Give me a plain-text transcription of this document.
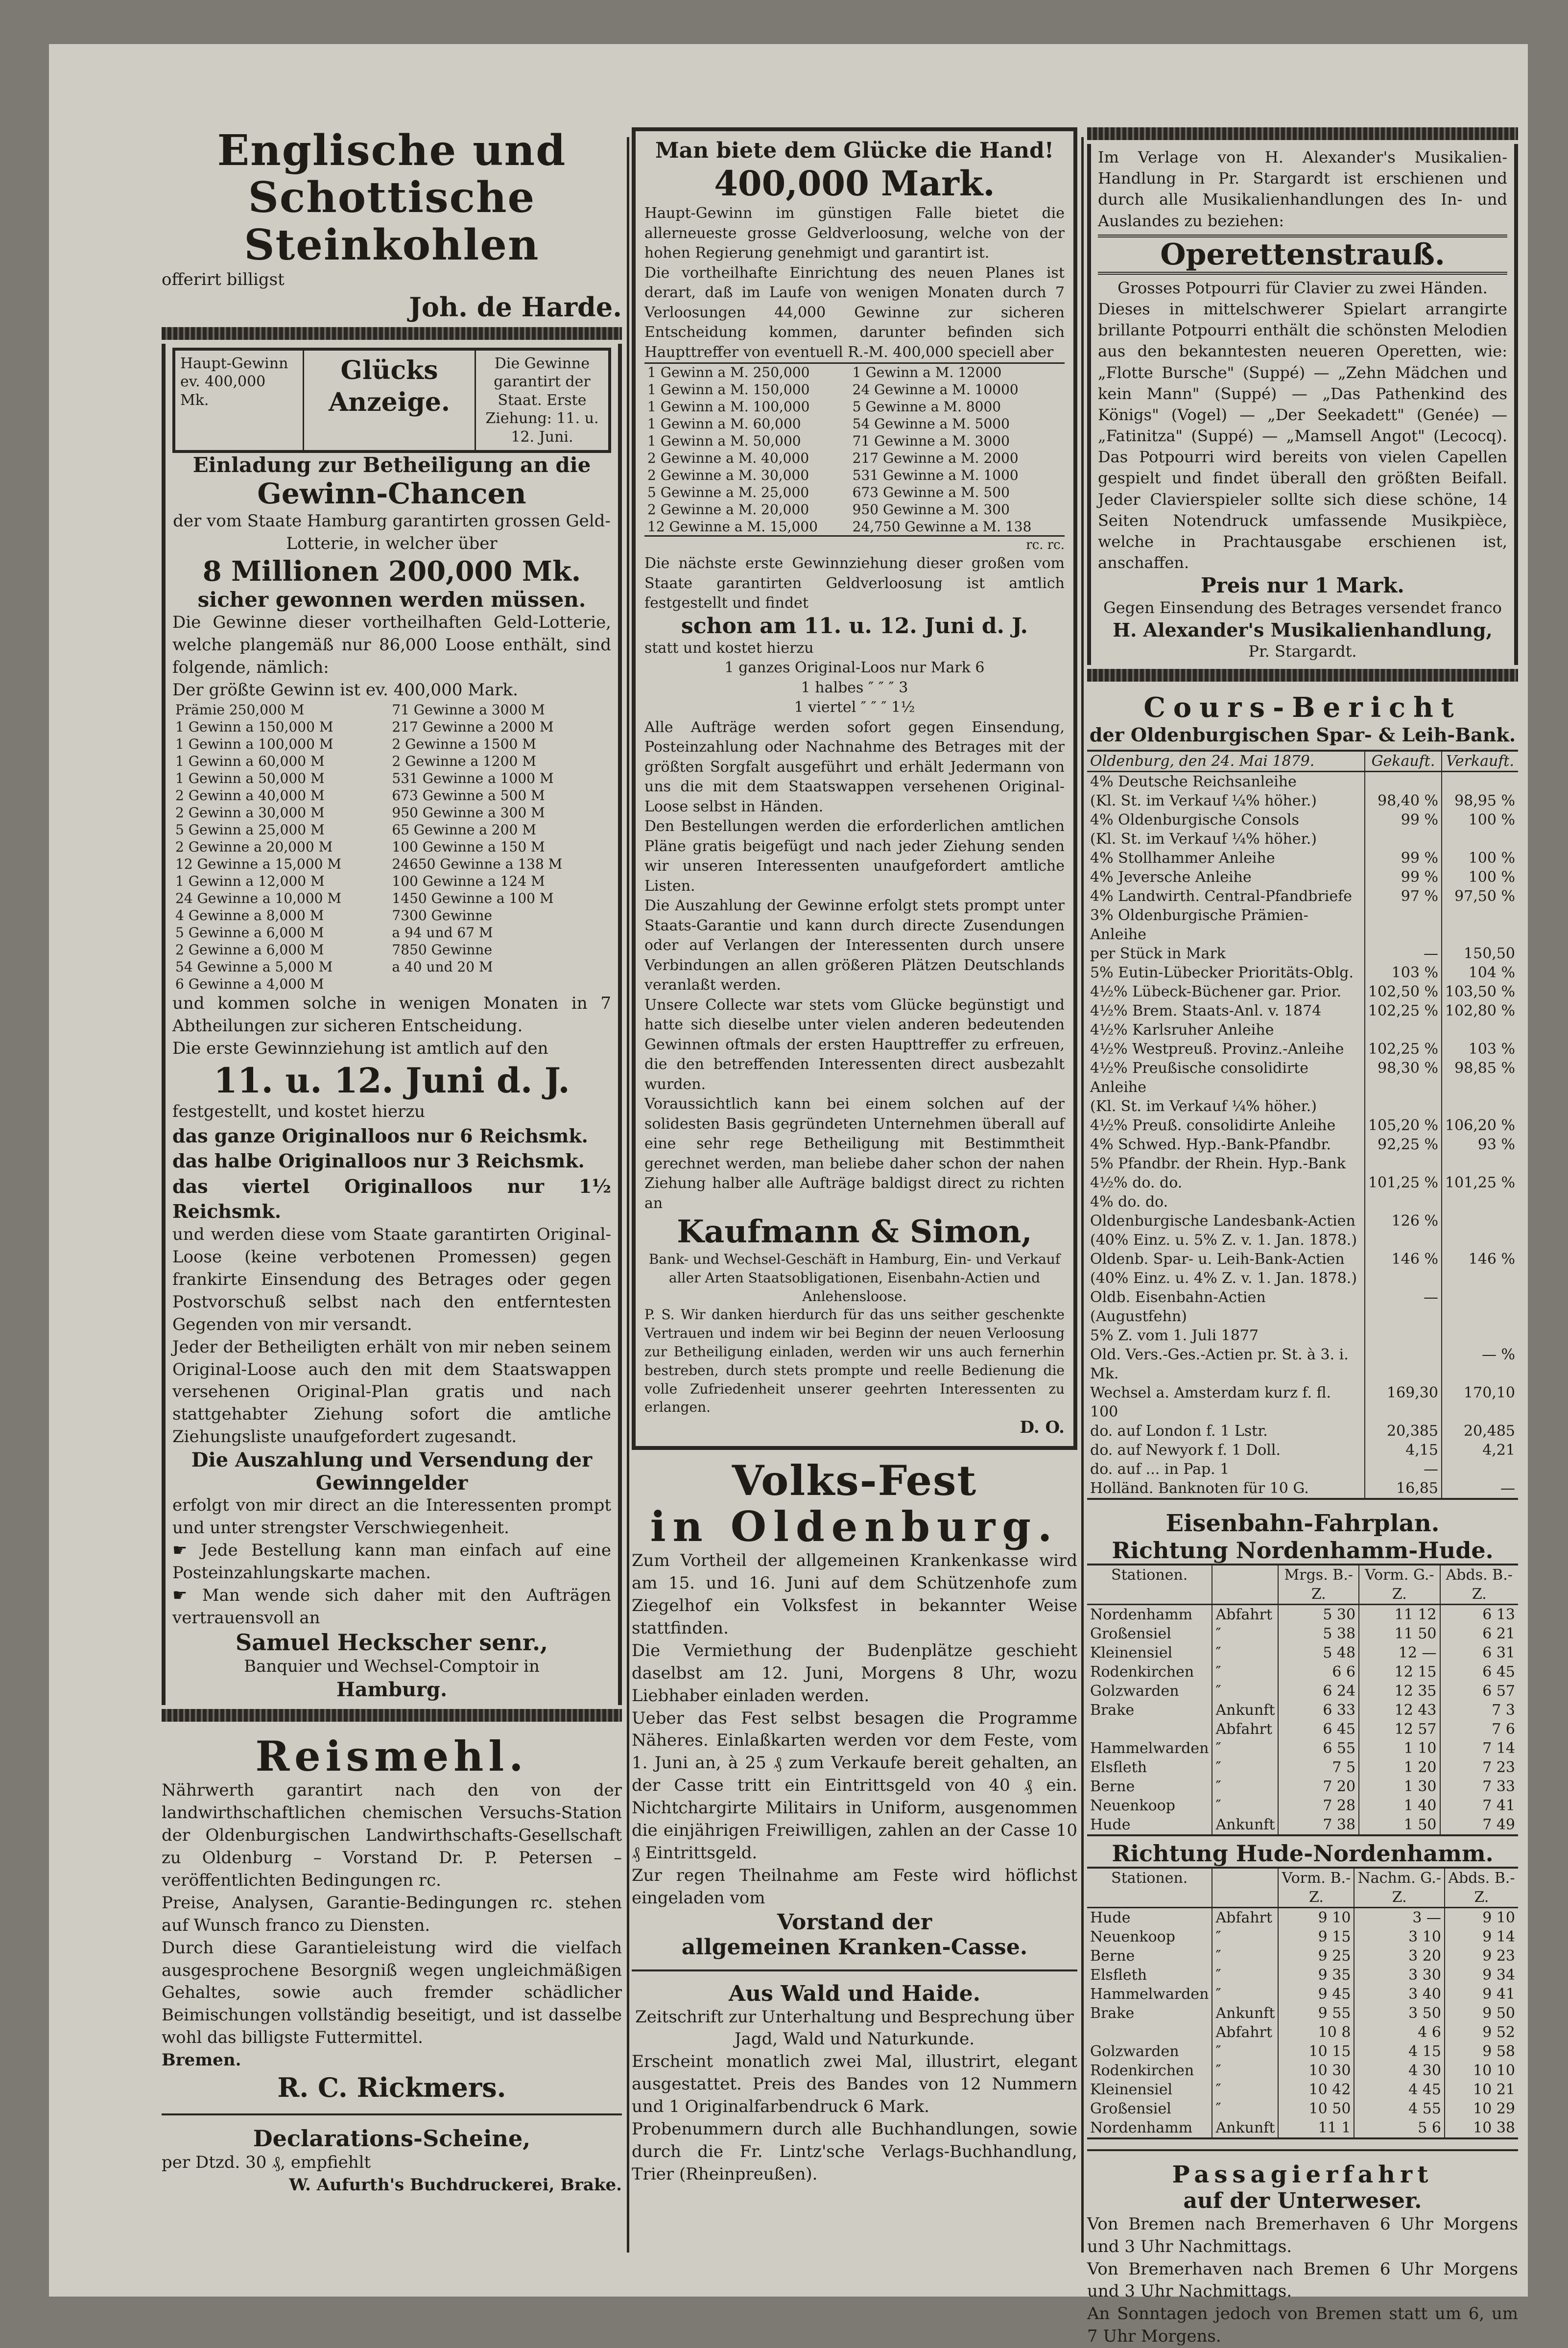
Englische und Schottische Steinkohlen
offerirt billigst
Joh. de Harde.
Haupt-Gewinn ev. 400,000 Mk.
Glücks Anzeige.
Die Gewinne garantirt der Staat. Erste Ziehung: 11. u. 12. Juni.
Einladung zur Betheiligung an die
Gewinn-Chancen
der vom Staate Hamburg garantirten grossen Geld-Lotterie, in welcher über
8 Millionen 200,000 Mk.
sicher gewonnen werden müssen.
Die Gewinne dieser vortheilhaften Geld-Lotterie, welche plangemäß nur 86,000 Loose enthält, sind folgende, nämlich:
Der größte Gewinn ist ev. 400,000 Mark.
Prämie 250,000 M	71 Gewinne a 3000 M
1 Gewinn a 150,000 M	217 Gewinne a 2000 M
1 Gewinn a 100,000 M	2 Gewinne a 1500 M
1 Gewinn a 60,000 M	2 Gewinne a 1200 M
1 Gewinn a 50,000 M	531 Gewinne a 1000 M
2 Gewinn a 40,000 M	673 Gewinne a 500 M
2 Gewinn a 30,000 M	950 Gewinne a 300 M
5 Gewinn a 25,000 M	65 Gewinne a 200 M
2 Gewinne a 20,000 M	100 Gewinne a 150 M
12 Gewinne a 15,000 M	24650 Gewinne a 138 M
1 Gewinn a 12,000 M	100 Gewinne a 124 M
24 Gewinne a 10,000 M	1450 Gewinne a 100 M
4 Gewinne a 8,000 M	7300 Gewinne
5 Gewinne a 6,000 M	a 94 und 67 M
2 Gewinne a 6,000 M	7850 Gewinne
54 Gewinne a 5,000 M	a 40 und 20 M
6 Gewinne a 4,000 M	
und kommen solche in wenigen Monaten in 7 Abtheilungen zur sicheren Entscheidung.
Die erste Gewinnziehung ist amtlich auf den
11. u. 12. Juni d. J.
festgestellt, und kostet hierzu
das ganze Originalloos nur 6 Reichsmk.
das halbe Originalloos nur 3 Reichsmk.
das viertel Originalloos nur 1½ Reichsmk.
und werden diese vom Staate garantirten Original-Loose (keine verbotenen Promessen) gegen frankirte Einsendung des Betrages oder gegen Postvorschuß selbst nach den entferntesten Gegenden von mir versandt.
Jeder der Betheiligten erhält von mir neben seinem Original-Loose auch den mit dem Staatswappen versehenen Original-Plan gratis und nach stattgehabter Ziehung sofort die amtliche Ziehungsliste unaufgefordert zugesandt.
Die Auszahlung und Versendung der Gewinngelder
erfolgt von mir direct an die Interessenten prompt und unter strengster Verschwiegenheit.
☛ Jede Bestellung kann man einfach auf eine Posteinzahlungskarte machen.
☛ Man wende sich daher mit den Aufträgen vertrauensvoll an
Samuel Heckscher senr.,
Banquier und Wechsel-Comptoir in
Hamburg.
Reismehl.
Nährwerth garantirt nach den von der landwirthschaftlichen chemischen Versuchs-Station der Oldenburgischen Landwirthschafts-Gesellschaft zu Oldenburg – Vorstand Dr. P. Petersen – veröffentlichten Bedingungen rc.
Preise, Analysen, Garantie-Bedingungen rc. stehen auf Wunsch franco zu Diensten.
Durch diese Garantieleistung wird die vielfach ausgesprochene Besorgniß wegen ungleichmäßigen Gehaltes, sowie auch fremder schädlicher Beimischungen vollständig beseitigt, und ist dasselbe wohl das billigste Futtermittel.
Bremen.
R. C. Rickmers.
Declarations-Scheine,
per Dtzd. 30 ₰, empfiehlt
W. Aufurth's Buchdruckerei, Brake.
Man biete dem Glücke die Hand!
400,000 Mark.
Haupt-Gewinn im günstigen Falle bietet die allerneueste grosse Geldverloosung, welche von der hohen Regierung genehmigt und garantirt ist.
Die vortheilhafte Einrichtung des neuen Planes ist derart, daß im Laufe von wenigen Monaten durch 7 Verloosungen 44,000 Gewinne zur sicheren Entscheidung kommen, darunter befinden sich Haupttreffer von eventuell R.-M. 400,000 speciell aber
1 Gewinn a M. 250,000	1 Gewinn a M. 12000
1 Gewinn a M. 150,000	24 Gewinne a M. 10000
1 Gewinn a M. 100,000	5 Gewinne a M. 8000
1 Gewinn a M. 60,000	54 Gewinne a M. 5000
1 Gewinn a M. 50,000	71 Gewinne a M. 3000
2 Gewinne a M. 40,000	217 Gewinne a M. 2000
2 Gewinne a M. 30,000	531 Gewinne a M. 1000
5 Gewinne a M. 25,000	673 Gewinne a M. 500
2 Gewinne a M. 20,000	950 Gewinne a M. 300
12 Gewinne a M. 15,000	24,750 Gewinne a M. 138
rc. rc.
Die nächste erste Gewinnziehung dieser großen vom Staate garantirten Geldverloosung ist amtlich festgestellt und findet
schon am 11. u. 12. Juni d. J.
statt und kostet hierzu
1 ganzes Original-Loos nur Mark 6
1 halbes ″ ″ ″ 3
1 viertel ″ ″ ″ 1½
Alle Aufträge werden sofort gegen Einsendung, Posteinzahlung oder Nachnahme des Betrages mit der größten Sorgfalt ausgeführt und erhält Jedermann von uns die mit dem Staatswappen versehenen Original-Loose selbst in Händen.
Den Bestellungen werden die erforderlichen amtlichen Pläne gratis beigefügt und nach jeder Ziehung senden wir unseren Interessenten unaufgefordert amtliche Listen.
Die Auszahlung der Gewinne erfolgt stets prompt unter Staats-Garantie und kann durch directe Zusendungen oder auf Verlangen der Interessenten durch unsere Verbindungen an allen größeren Plätzen Deutschlands veranlaßt werden.
Unsere Collecte war stets vom Glücke begünstigt und hatte sich dieselbe unter vielen anderen bedeutenden Gewinnen oftmals der ersten Haupttreffer zu erfreuen, die den betreffenden Interessenten direct ausbezahlt wurden.
Voraussichtlich kann bei einem solchen auf der solidesten Basis gegründeten Unternehmen überall auf eine sehr rege Betheiligung mit Bestimmtheit gerechnet werden, man beliebe daher schon der nahen Ziehung halber alle Aufträge baldigst direct zu richten an
Kaufmann & Simon,
Bank- und Wechsel-Geschäft in Hamburg, Ein- und Verkauf aller Arten Staatsobligationen, Eisenbahn-Actien und Anlehensloose.
P. S. Wir danken hierdurch für das uns seither geschenkte Vertrauen und indem wir bei Beginn der neuen Verloosung zur Betheiligung einladen, werden wir uns auch fernerhin bestreben, durch stets prompte und reelle Bedienung die volle Zufriedenheit unserer geehrten Interessenten zu erlangen.
D. O.
Volks-Fest
in Oldenburg.
Zum Vortheil der allgemeinen Krankenkasse wird am 15. und 16. Juni auf dem Schützenhofe zum Ziegelhof ein Volksfest in bekannter Weise stattfinden.
Die Vermiethung der Budenplätze geschieht daselbst am 12. Juni, Morgens 8 Uhr, wozu Liebhaber einladen werden.
Ueber das Fest selbst besagen die Programme Näheres. Einlaßkarten werden vor dem Feste, vom 1. Juni an, à 25 ₰ zum Verkaufe bereit gehalten, an der Casse tritt ein Eintrittsgeld von 40 ₰ ein. Nichtchargirte Militairs in Uniform, ausgenommen die einjährigen Freiwilligen, zahlen an der Casse 10 ₰ Eintrittsgeld.
Zur regen Theilnahme am Feste wird höflichst eingeladen vom
Vorstand der
allgemeinen Kranken-Casse.
Aus Wald und Haide.
Zeitschrift zur Unterhaltung und Besprechung über Jagd, Wald und Naturkunde.
Erscheint monatlich zwei Mal, illustrirt, elegant ausgestattet. Preis des Bandes von 12 Nummern und 1 Originalfarbendruck 6 Mark.
Probenummern durch alle Buchhandlungen, sowie durch die Fr. Lintz'sche Verlags-Buchhandlung, Trier (Rheinpreußen).
Im Verlage von H. Alexander's Musikalien-Handlung in Pr. Stargardt ist erschienen und durch alle Musikalienhandlungen des In- und Auslandes zu beziehen:
Operettenstrauß.
Grosses Potpourri für Clavier zu zwei Händen.
Dieses in mittelschwerer Spielart arrangirte brillante Potpourri enthält die schönsten Melodien aus den bekanntesten neueren Operetten, wie: „Flotte Bursche" (Suppé) — „Zehn Mädchen und kein Mann" (Suppé) — „Das Pathenkind des Königs" (Vogel) — „Der Seekadett" (Genée) — „Fatinitza" (Suppé) — „Mamsell Angot" (Lecocq). Das Potpourri wird bereits von vielen Capellen gespielt und findet überall den größten Beifall. Jeder Clavierspieler sollte sich diese schöne, 14 Seiten Notendruck umfassende Musikpièce, welche in Prachtausgabe erschienen ist, anschaffen.
Preis nur 1 Mark.
Gegen Einsendung des Betrages versendet franco
H. Alexander's Musikalienhandlung,
Pr. Stargardt.
Cours-Bericht
der Oldenburgischen Spar- & Leih-Bank.
Oldenburg, den 24. Mai 1879.	Gekauft.	Verkauft.
4% Deutsche Reichsanleihe		
(Kl. St. im Verkauf ¼% höher.)	98,40 %	98,95 %
4% Oldenburgische Consols	99 %	100 %
(Kl. St. im Verkauf ¼% höher.)		
4% Stollhammer Anleihe	99 %	100 %
4% Jeversche Anleihe	99 %	100 %
4% Landwirth. Central-Pfandbriefe	97 %	97,50 %
3% Oldenburgische Prämien-Anleihe		
per Stück in Mark	—	150,50
5% Eutin-Lübecker Prioritäts-Oblg.	103 %	104 %
4½% Lübeck-Büchener gar. Prior.	102,50 %	103,50 %
4½% Brem. Staats-Anl. v. 1874	102,25 %	102,80 %
4½% Karlsruher Anleihe		
4½% Westpreuß. Provinz.-Anleihe	102,25 %	103 %
4½% Preußische consolidirte Anleihe	98,30 %	98,85 %
(Kl. St. im Verkauf ¼% höher.)		
4½% Preuß. consolidirte Anleihe	105,20 %	106,20 %
4% Schwed. Hyp.-Bank-Pfandbr.	92,25 %	93 %
5% Pfandbr. der Rhein. Hyp.-Bank		
4½% do. do.	101,25 %	101,25 %
4% do. do.		
Oldenburgische Landesbank-Actien	126 %	
(40% Einz. u. 5% Z. v. 1. Jan. 1878.)		
Oldenb. Spar- u. Leih-Bank-Actien	146 %	146 %
(40% Einz. u. 4% Z. v. 1. Jan. 1878.)		
Oldb. Eisenbahn-Actien (Augustfehn)	—	
5% Z. vom 1. Juli 1877		
Old. Vers.-Ges.-Actien pr. St. à 3. i. Mk.		— %
Wechsel a. Amsterdam kurz f. fl. 100	169,30	170,10
do. auf London f. 1 Lstr.	20,385	20,485
do. auf Newyork f. 1 Doll.	4,15	4,21
do. auf ... in Pap. 1	—	
Holländ. Banknoten für 10 G.	16,85	—
Eisenbahn-Fahrplan.
Richtung Nordenhamm-Hude.
Stationen.		Mrgs. B.-Z.	Vorm. G.-Z.	Abds. B.-Z.
Nordenhamm	Abfahrt	5 30	11 12	6 13
Großensiel	″	5 38	11 50	6 21
Kleinensiel	″	5 48	12 —	6 31
Rodenkirchen	″	6 6	12 15	6 45
Golzwarden	″	6 24	12 35	6 57
Brake	Ankunft	6 33	12 43	7 3
	Abfahrt	6 45	12 57	7 6
Hammelwarden	″	6 55	1 10	7 14
Elsfleth	″	7 5	1 20	7 23
Berne	″	7 20	1 30	7 33
Neuenkoop	″	7 28	1 40	7 41
Hude	Ankunft	7 38	1 50	7 49
Richtung Hude-Nordenhamm.
Stationen.		Vorm. B.-Z.	Nachm. G.-Z.	Abds. B.-Z.
Hude	Abfahrt	9 10	3 —	9 10
Neuenkoop	″	9 15	3 10	9 14
Berne	″	9 25	3 20	9 23
Elsfleth	″	9 35	3 30	9 34
Hammelwarden	″	9 45	3 40	9 41
Brake	Ankunft	9 55	3 50	9 50
	Abfahrt	10 8	4 6	9 52
Golzwarden	″	10 15	4 15	9 58
Rodenkirchen	″	10 30	4 30	10 10
Kleinensiel	″	10 42	4 45	10 21
Großensiel	″	10 50	4 55	10 29
Nordenhamm	Ankunft	11 1	5 6	10 38
Passagierfahrt
auf der Unterweser.
Von Bremen nach Bremerhaven 6 Uhr Morgens und 3 Uhr Nachmittags.
Von Bremerhaven nach Bremen 6 Uhr Morgens und 3 Uhr Nachmittags.
An Sonntagen jedoch von Bremen statt um 6, um 7 Uhr Morgens.
